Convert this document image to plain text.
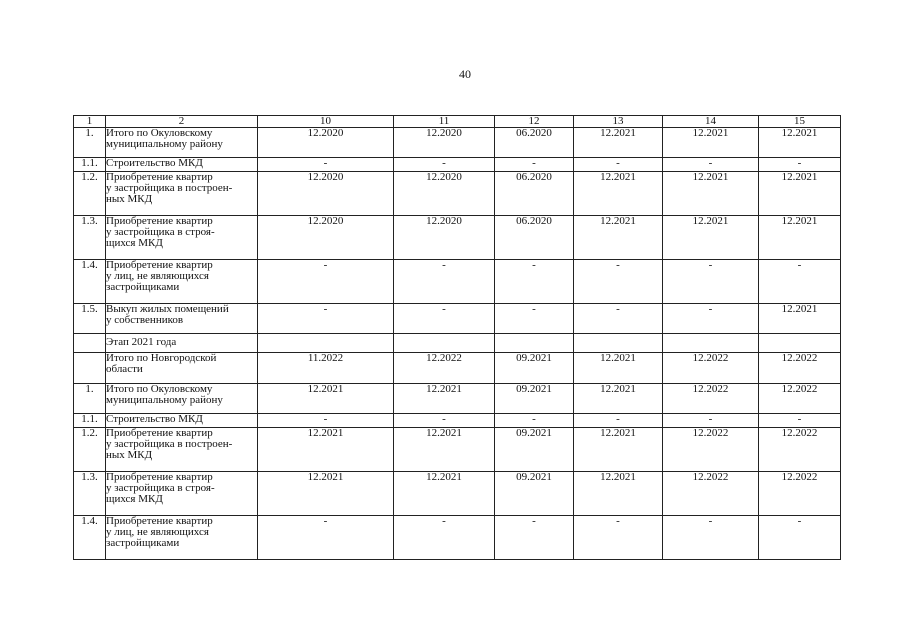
40
1	2	10	11	12	13	14	15
1.	Итого по Окуловскому
муниципальному району	12.2020	12.2020	06.2020	12.2021	12.2021	12.2021
1.1.	Строительство МКД	-	-	-	-	-	-
1.2.	Приобретение квартир
у застройщика в построен-
ных МКД	12.2020	12.2020	06.2020	12.2021	12.2021	12.2021
1.3.	Приобретение квартир
у застройщика в строя-
щихся МКД	12.2020	12.2020	06.2020	12.2021	12.2021	12.2021
1.4.	Приобретение квартир
у лиц, не являющихся
застройщиками	-	-	-	-	-	-
1.5.	Выкуп жилых помещений
у собственников	-	-	-	-	-	12.2021

	Этап 2021 года						

	Итого по Новгородской
области	11.2022	12.2022	09.2021	12.2021	12.2022	12.2022
1.	Итого по Окуловскому
муниципальному району	12.2021	12.2021	09.2021	12.2021	12.2022	12.2022
1.1.	Строительство МКД	-	-	-	-	-	-
1.2.	Приобретение квартир
у застройщика в построен-
ных МКД	12.2021	12.2021	09.2021	12.2021	12.2022	12.2022
1.3.	Приобретение квартир
у застройщика в строя-
щихся МКД	12.2021	12.2021	09.2021	12.2021	12.2022	12.2022
1.4.	Приобретение квартир
у лиц, не являющихся
застройщиками	-	-	-	-	-	-
